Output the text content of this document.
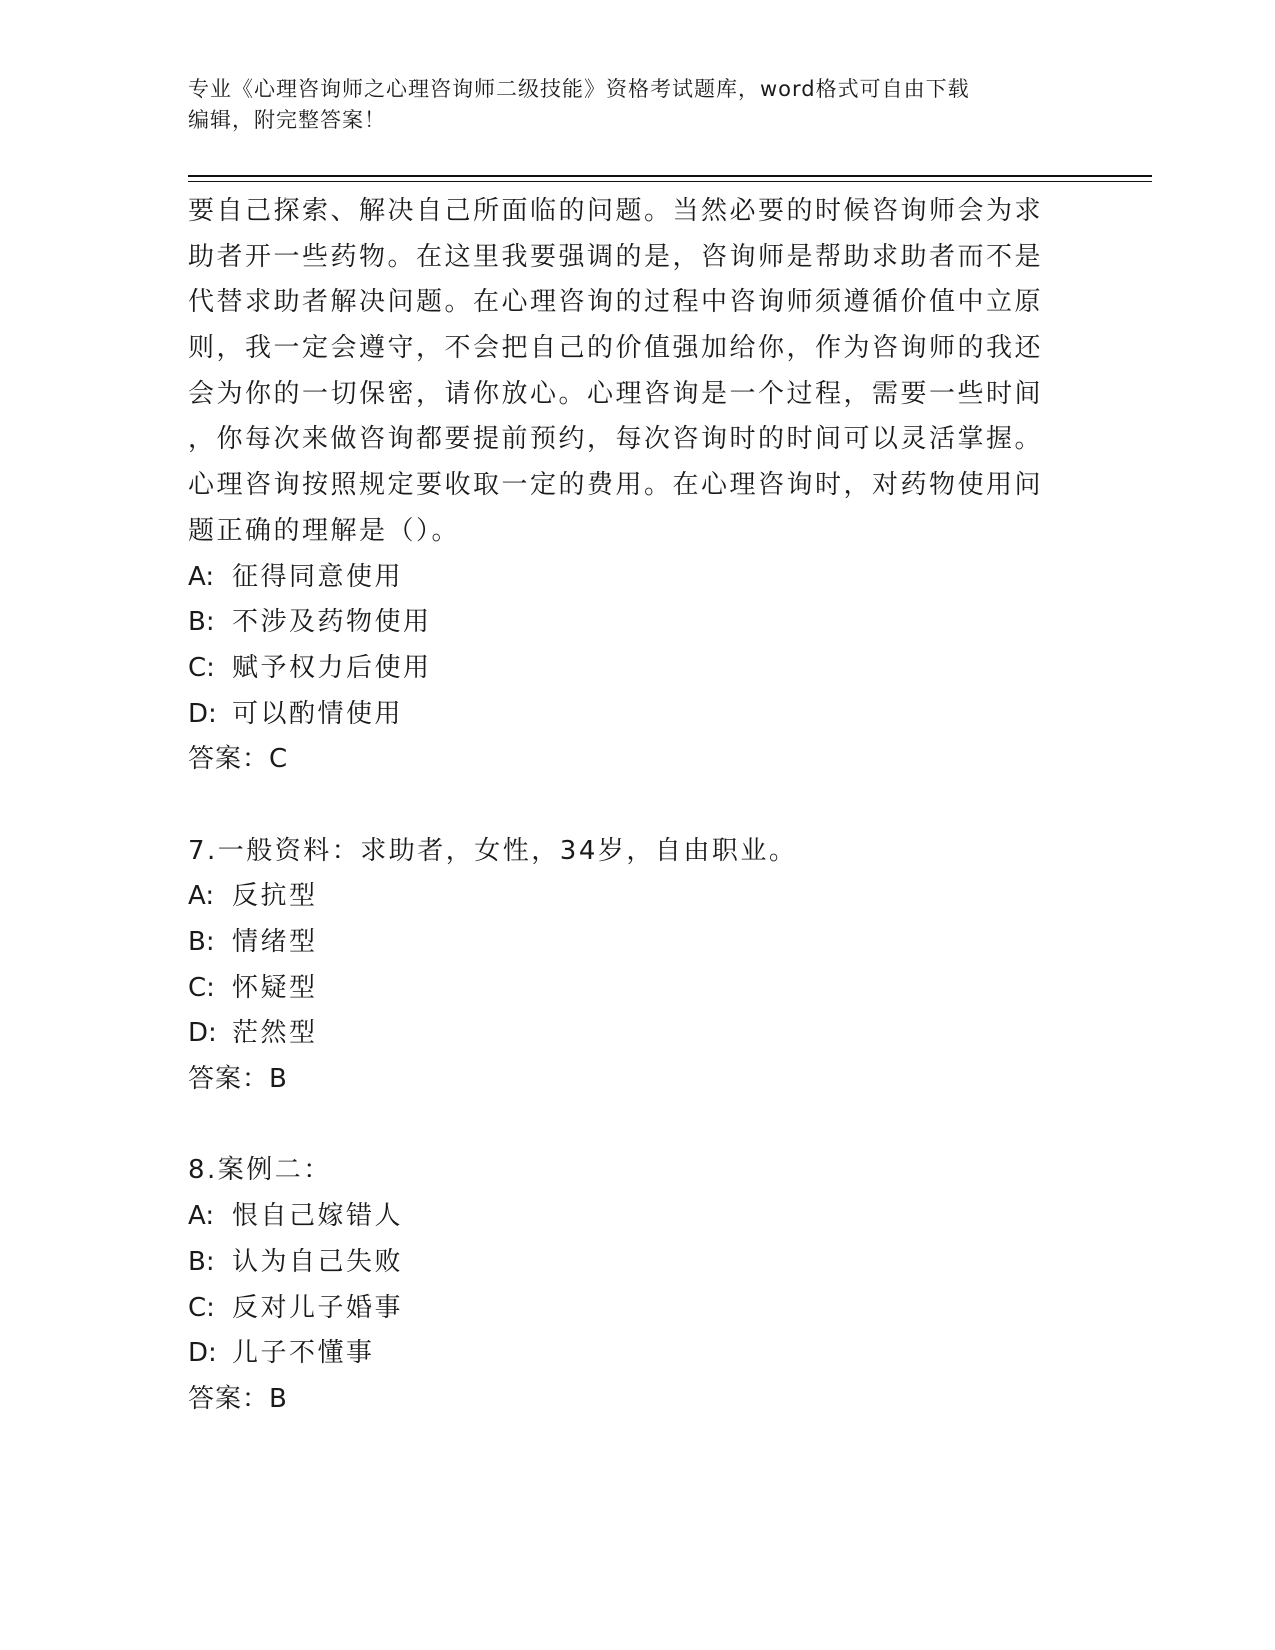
专业《心理咨询师之心理咨询师二级技能》资格考试题库，word格式可自由下载
编辑，附完整答案！
要自己探索、解决自己所面临的问题。当然必要的时候咨询师会为求
助者开一些药物。在这里我要强调的是，咨询师是帮助求助者而不是
代替求助者解决问题。在心理咨询的过程中咨询师须遵循价值中立原
则，我一定会遵守，不会把自己的价值强加给你，作为咨询师的我还
会为你的一切保密，请你放心。心理咨询是一个过程，需要一些时间
，你每次来做咨询都要提前预约，每次咨询时的时间可以灵活掌握。
心理咨询按照规定要收取一定的费用。在心理咨询时，对药物使用问
题正确的理解是（）。
A: 征得同意使用
B: 不涉及药物使用
C: 赋予权力后使用
D: 可以酌情使用
答案：C
7.一般资料：求助者，女性，34岁，自由职业。
A: 反抗型
B: 情绪型
C: 怀疑型
D: 茫然型
答案：B
8.案例二：
A: 恨自己嫁错人
B: 认为自己失败
C: 反对儿子婚事
D: 儿子不懂事
答案：B
